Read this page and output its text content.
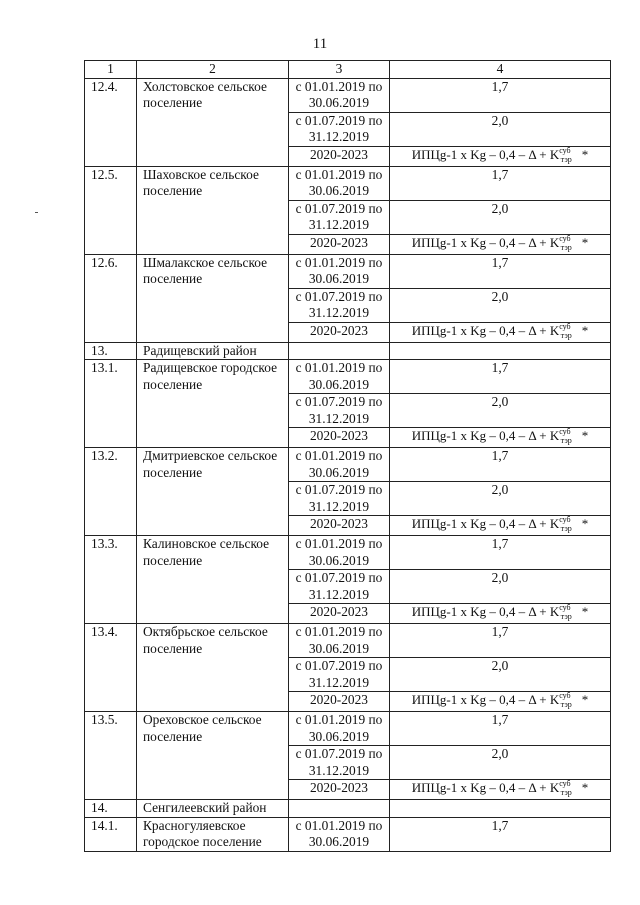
11
1	2	3	4
12.4.	Холстовское сельское поселение	с 01.01.2019 по 30.06.2019	1,7
		с 01.07.2019 по 31.12.2019	2,0
		2020-2023	ИПЦg-1 x $Kg - 0,4 - \Delta + K^{суб}_{тэр}$ *
12.5.	Шаховское сельское поселение	с 01.01.2019 по 30.06.2019	1,7
		с 01.07.2019 по 31.12.2019	2,0
		2020-2023	ИПЦg-1 x $Kg - 0,4 - \Delta + K^{суб}_{тэр}$ *
12.6.	Шмалакское сельское поселение	с 01.01.2019 по 30.06.2019	1,7
		с 01.07.2019 по 31.12.2019	2,0
		2020-2023	ИПЦg-1 x $Kg - 0,4 - \Delta + K^{суб}_{тэр}$ *
13.	Радищевский район		
13.1.	Радищевское городское поселение	с 01.01.2019 по 30.06.2019	1,7
		с 01.07.2019 по 31.12.2019	2,0
		2020-2023	ИПЦg-1 x $Kg - 0,4 - \Delta + K^{суб}_{тэр}$ *
13.2.	Дмитриевское сельское поселение	с 01.01.2019 по 30.06.2019	1,7
		с 01.07.2019 по 31.12.2019	2,0
		2020-2023	ИПЦg-1 x $Kg - 0,4 - \Delta + K^{суб}_{тэр}$ *
13.3.	Калиновское сельское поселение	с 01.01.2019 по 30.06.2019	1,7
		с 01.07.2019 по 31.12.2019	2,0
		2020-2023	ИПЦg-1 x $Kg - 0,4 - \Delta + K^{суб}_{тэр}$ *
13.4.	Октябрьское сельское поселение	с 01.01.2019 по 30.06.2019	1,7
		с 01.07.2019 по 31.12.2019	2,0
		2020-2023	ИПЦg-1 x $Kg - 0,4 - \Delta + K^{суб}_{тэр}$ *
13.5.	Ореховское сельское поселение	с 01.01.2019 по 30.06.2019	1,7
		с 01.07.2019 по 31.12.2019	2,0
		2020-2023	ИПЦg-1 x $Kg - 0,4 - \Delta + K^{суб}_{тэр}$ *
14.	Сенгилеевский район		
14.1.	Красногуляевское городское поселение	с 01.01.2019 по 30.06.2019	1,7
